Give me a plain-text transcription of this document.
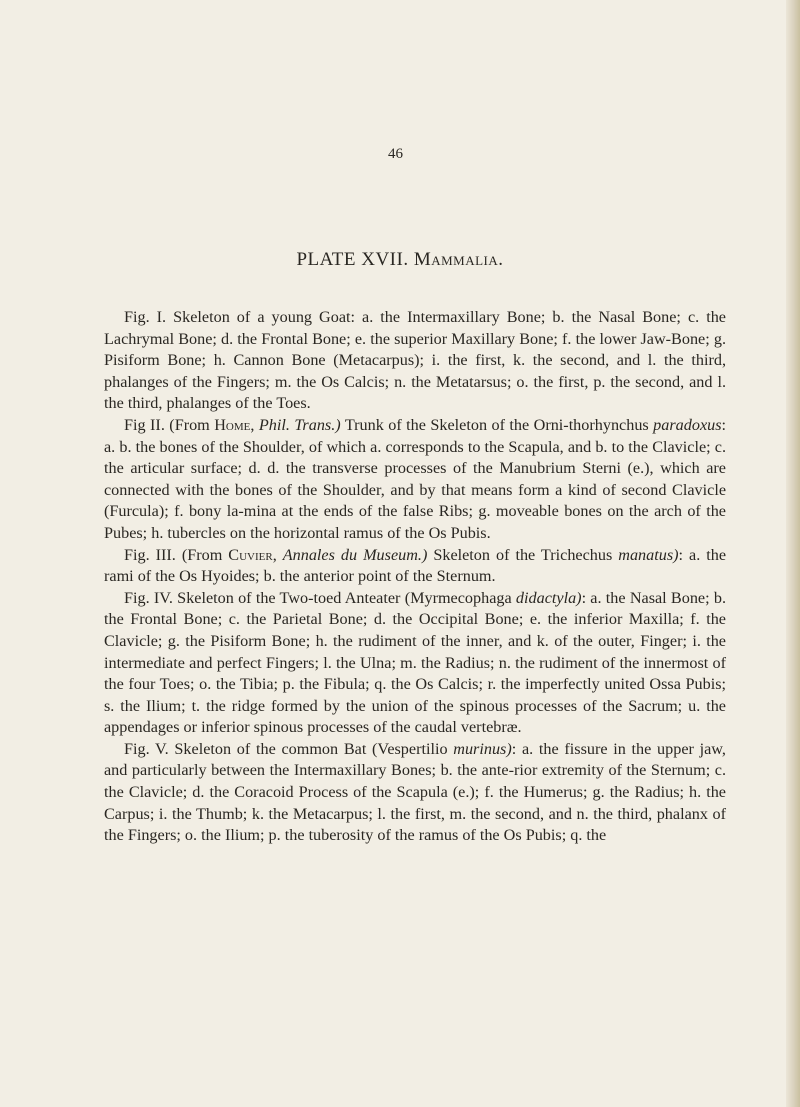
46
PLATE XVII. Mammalia.

Fig. I. Skeleton of a young Goat: a. the Intermaxillary Bone; b. the Nasal Bone; c. the Lachrymal Bone; d. the Frontal Bone; e. the superior Maxillary Bone; f. the lower Jaw-Bone; g. Pisiform Bone; h. Cannon Bone (Metacarpus); i. the first, k. the second, and l. the third, phalanges of the Fingers; m. the Os Calcis; n. the Metatarsus; o. the first, p. the second, and l. the third, phalanges of the Toes.

Fig II. (From Home, Phil. Trans.) Trunk of the Skeleton of the Orni-thorhynchus paradoxus: a. b. the bones of the Shoulder, of which a. corresponds to the Scapula, and b. to the Clavicle; c. the articular surface; d. d. the transverse processes of the Manubrium Sterni (e.), which are connected with the bones of the Shoulder, and by that means form a kind of second Clavicle (Furcula); f. bony la-mina at the ends of the false Ribs; g. moveable bones on the arch of the Pubes; h. tubercles on the horizontal ramus of the Os Pubis.

Fig. III. (From Cuvier, Annales du Museum.) Skeleton of the Trichechus manatus): a. the rami of the Os Hyoides; b. the anterior point of the Sternum.

Fig. IV. Skeleton of the Two-toed Anteater (Myrmecophaga didactyla): a. the Nasal Bone; b. the Frontal Bone; c. the Parietal Bone; d. the Occipital Bone; e. the inferior Maxilla; f. the Clavicle; g. the Pisiform Bone; h. the rudiment of the inner, and k. of the outer, Finger; i. the intermediate and perfect Fingers; l. the Ulna; m. the Radius; n. the rudiment of the innermost of the four Toes; o. the Tibia; p. the Fibula; q. the Os Calcis; r. the imperfectly united Ossa Pubis; s. the Ilium; t. the ridge formed by the union of the spinous processes of the Sacrum; u. the appendages or inferior spinous processes of the caudal vertebræ.

Fig. V. Skeleton of the common Bat (Vespertilio murinus): a. the fissure in the upper jaw, and particularly between the Intermaxillary Bones; b. the ante-rior extremity of the Sternum; c. the Clavicle; d. the Coracoid Process of the Scapula (e.); f. the Humerus; g. the Radius; h. the Carpus; i. the Thumb; k. the Metacarpus; l. the first, m. the second, and n. the third, phalanx of the Fingers; o. the Ilium; p. the tuberosity of the ramus of the Os Pubis; q. the
